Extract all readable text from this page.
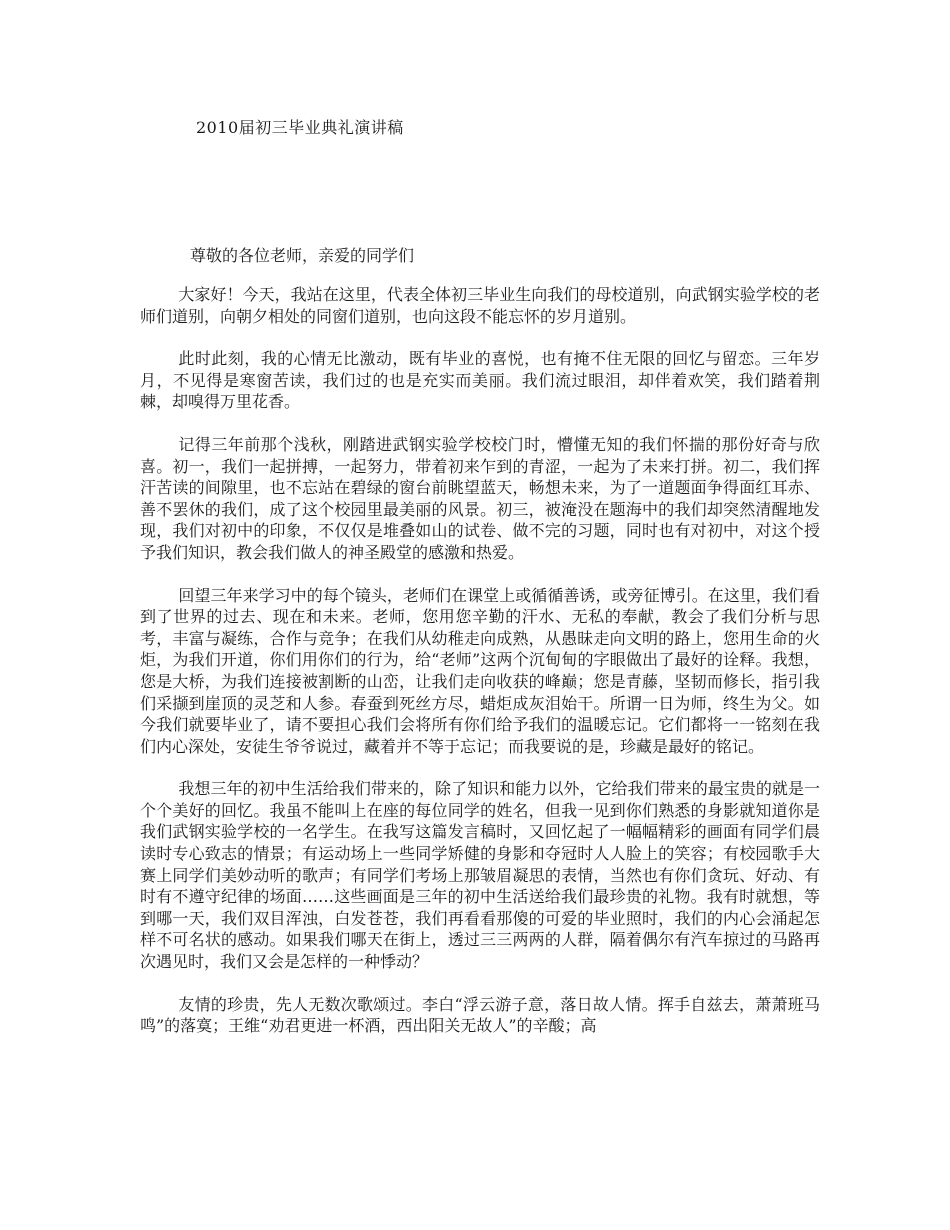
2010届初三毕业典礼演讲稿

尊敬的各位老师，亲爱的同学们

大家好！今天，我站在这里，代表全体初三毕业生向我们的母校道别，向武钢实验学校的老师们道别，向朝夕相处的同窗们道别，也向这段不能忘怀的岁月道别。

此时此刻，我的心情无比激动，既有毕业的喜悦，也有掩不住无限的回忆与留恋。三年岁月，不见得是寒窗苦读，我们过的也是充实而美丽。我们流过眼泪，却伴着欢笑，我们踏着荆棘，却嗅得万里花香。

记得三年前那个浅秋，刚踏进武钢实验学校校门时，懵懂无知的我们怀揣的那份好奇与欣喜。初一，我们一起拼搏，一起努力，带着初来乍到的青涩，一起为了未来打拼。初二，我们挥汗苦读的间隙里，也不忘站在碧绿的窗台前眺望蓝天，畅想未来，为了一道题面争得面红耳赤、善不罢休的我们，成了这个校园里最美丽的风景。初三，被淹没在题海中的我们却突然清醒地发现，我们对初中的印象，不仅仅是堆叠如山的试卷、做不完的习题，同时也有对初中，对这个授予我们知识，教会我们做人的神圣殿堂的感激和热爱。

回望三年来学习中的每个镜头，老师们在课堂上或循循善诱，或旁征博引。在这里，我们看到了世界的过去、现在和未来。老师，您用您辛勤的汗水、无私的奉献，教会了我们分析与思考，丰富与凝练，合作与竞争；在我们从幼稚走向成熟，从愚昧走向文明的路上，您用生命的火炬，为我们开道，你们用你们的行为，给“老师”这两个沉甸甸的字眼做出了最好的诠释。我想，您是大桥，为我们连接被割断的山峦，让我们走向收获的峰巅；您是青藤，坚韧而修长，指引我们采撷到崖顶的灵芝和人参。春蚕到死丝方尽，蜡炬成灰泪始干。所谓一日为师，终生为父。如今我们就要毕业了，请不要担心我们会将所有你们给予我们的温暖忘记。它们都将一一铭刻在我们内心深处，安徒生爷爷说过，藏着并不等于忘记；而我要说的是，珍藏是最好的铭记。

我想三年的初中生活给我们带来的，除了知识和能力以外，它给我们带来的最宝贵的就是一个个美好的回忆。我虽不能叫上在座的每位同学的姓名，但我一见到你们熟悉的身影就知道你是我们武钢实验学校的一名学生。在我写这篇发言稿时，又回忆起了一幅幅精彩的画面有同学们晨读时专心致志的情景；有运动场上一些同学矫健的身影和夺冠时人人脸上的笑容；有校园歌手大赛上同学们美妙动听的歌声；有同学们考场上那皱眉凝思的表情，当然也有你们贪玩、好动、有时有不遵守纪律的场面……这些画面是三年的初中生活送给我们最珍贵的礼物。我有时就想，等到哪一天，我们双目浑浊，白发苍苍，我们再看看那傻的可爱的毕业照时，我们的内心会涌起怎样不可名状的感动。如果我们哪天在街上，透过三三两两的人群，隔着偶尔有汽车掠过的马路再次遇见时，我们又会是怎样的一种悸动？

友情的珍贵，先人无数次歌颂过。李白“浮云游子意，落日故人情。挥手自兹去，萧萧班马鸣”的落寞；王维“劝君更进一杯酒，西出阳关无故人”的辛酸；高
